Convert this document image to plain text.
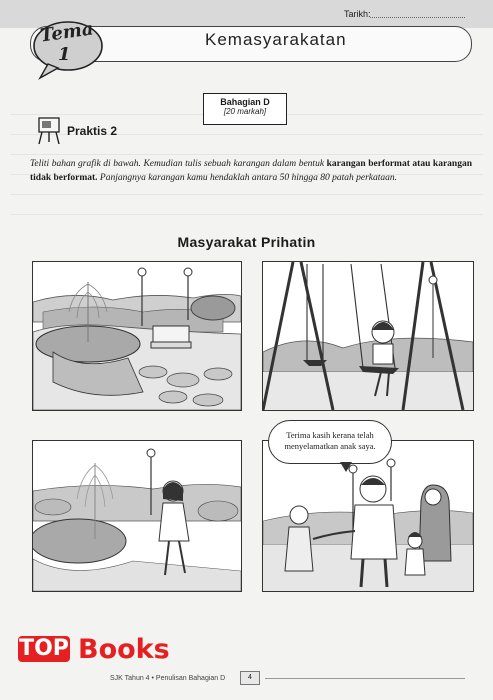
Tarikh:
Kemasyarakatan
Tema
1
Bahagian D
[20 markah]
Praktis 2
Teliti bahan grafik di bawah. Kemudian tulis sebuah karangan dalam bentuk karangan berformat atau karangan tidak berformat. Panjangnya karangan kamu hendaklah antara 50 hingga 80 patah perkataan.
Masyarakat Prihatin
Terima kasih kerana telah menyelamatkan anak saya.
SJK Tahun 4 • Penulisan Bahagian D	4
TOP Books
